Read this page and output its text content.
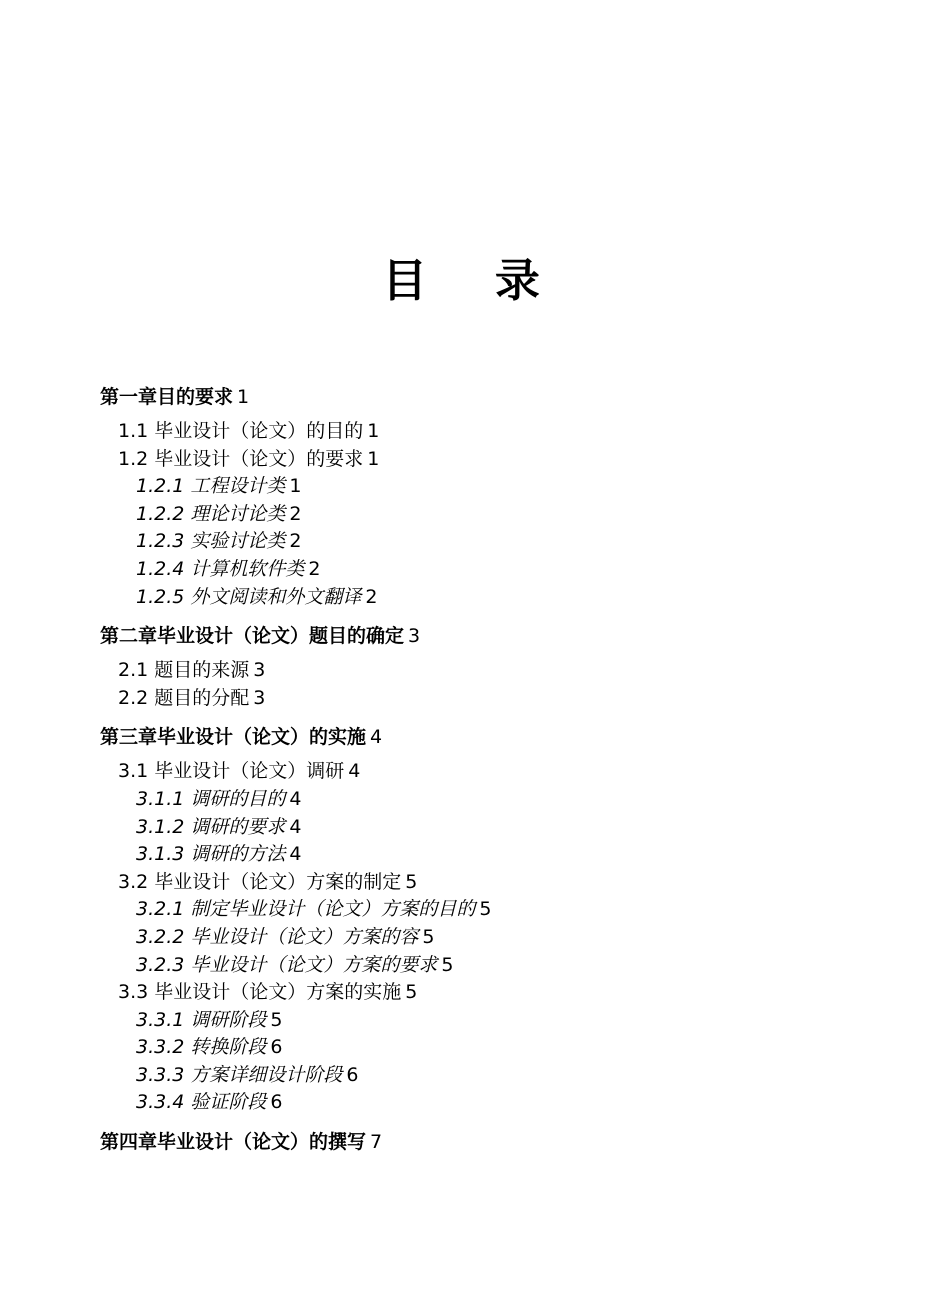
目 录
第一章目的要求 1
1.1 毕业设计（论文）的目的 1
1.2 毕业设计（论文）的要求 1
1.2.1 工程设计类 1
1.2.2 理论讨论类 2
1.2.3 实验讨论类 2
1.2.4 计算机软件类 2
1.2.5 外文阅读和外文翻译 2
第二章毕业设计（论文）题目的确定 3
2.1 题目的来源 3
2.2 题目的分配 3
第三章毕业设计（论文）的实施 4
3.1 毕业设计（论文）调研 4
3.1.1 调研的目的 4
3.1.2 调研的要求 4
3.1.3 调研的方法 4
3.2 毕业设计（论文）方案的制定 5
3.2.1 制定毕业设计（论文）方案的目的 5
3.2.2 毕业设计（论文）方案的容 5
3.2.3 毕业设计（论文）方案的要求 5
3.3 毕业设计（论文）方案的实施 5
3.3.1 调研阶段 5
3.3.2 转换阶段 6
3.3.3 方案详细设计阶段 6
3.3.4 验证阶段 6
第四章毕业设计（论文）的撰写 7
